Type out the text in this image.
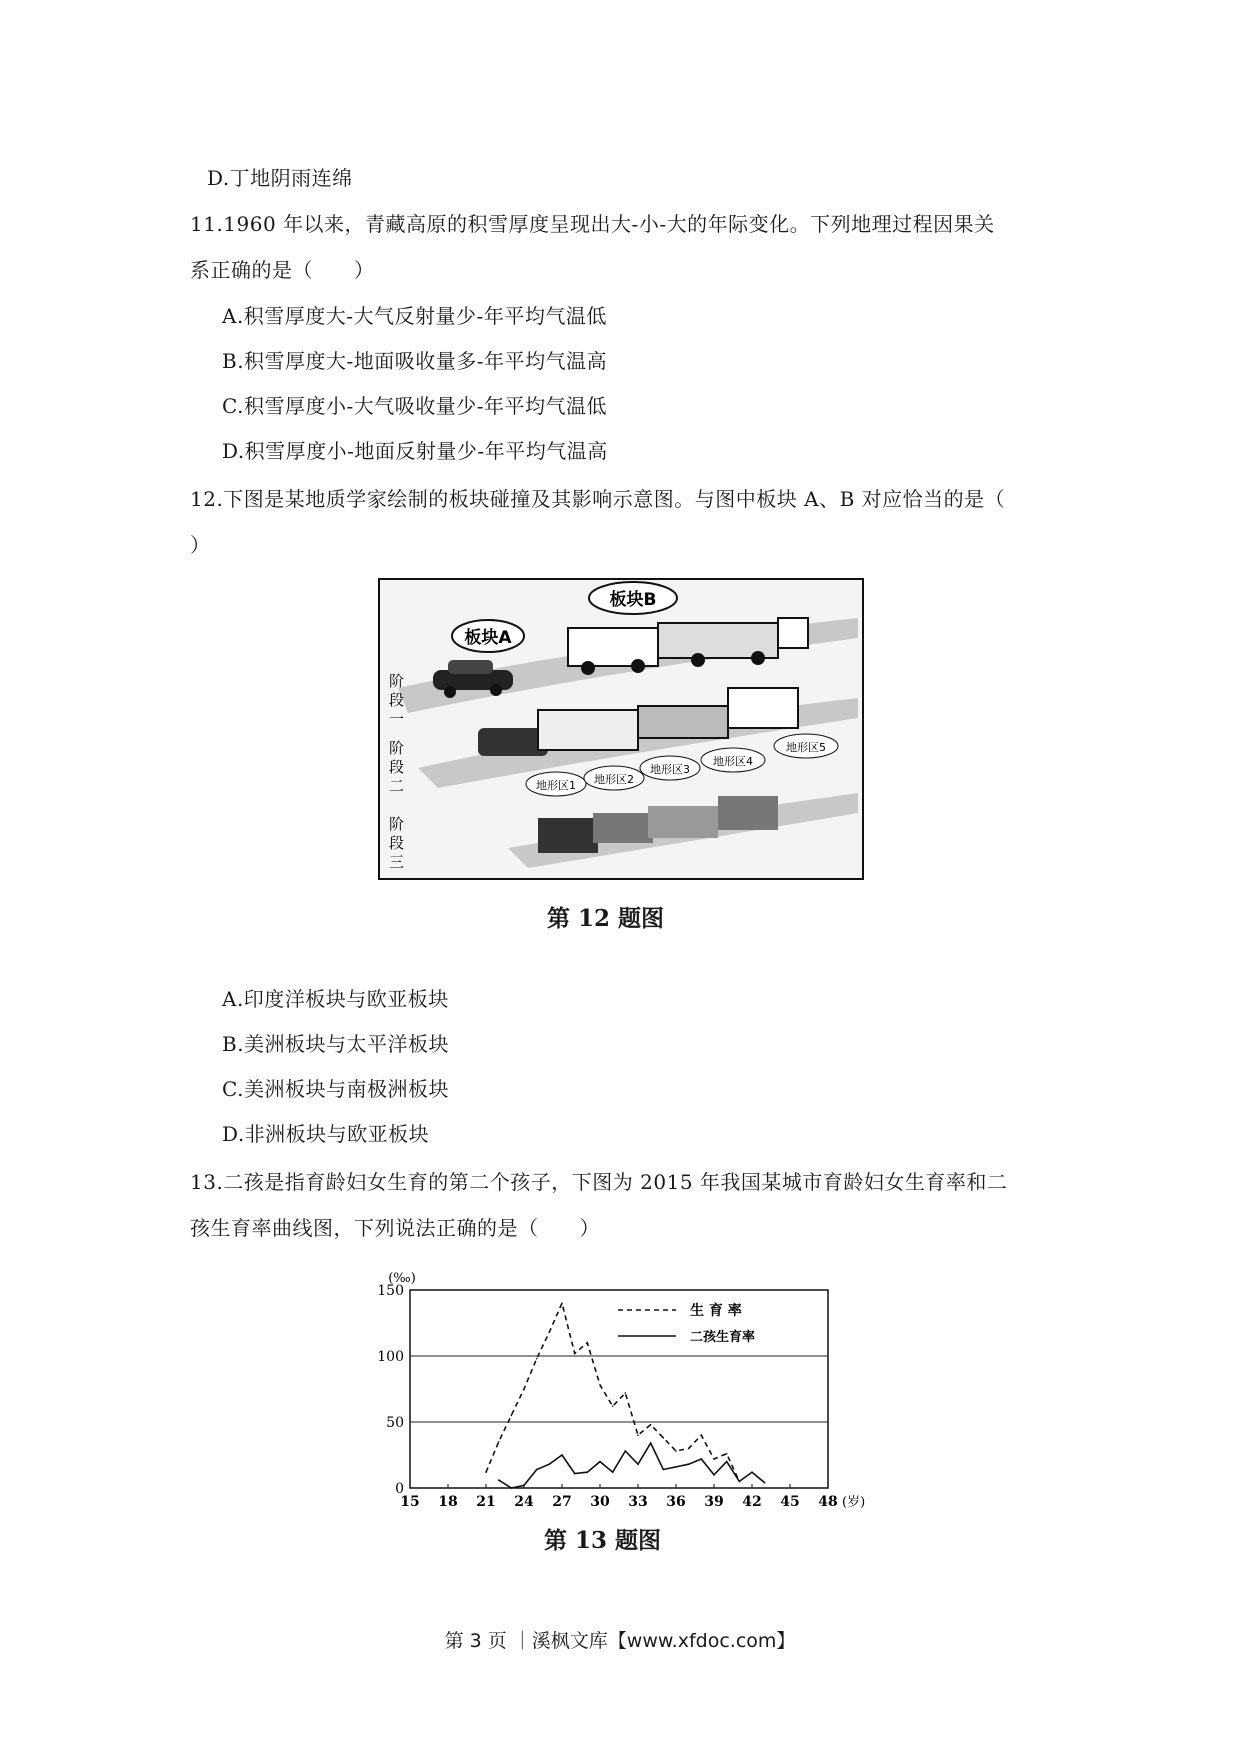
D.丁地阴雨连绵
11.1960 年以来，青藏高原的积雪厚度呈现出大-小-大的年际变化。下列地理过程因果关
系正确的是（　　）
A.积雪厚度大-大气反射量少-年平均气温低
B.积雪厚度大-地面吸收量多-年平均气温高
C.积雪厚度小-大气吸收量少-年平均气温低
D.积雪厚度小-地面反射量少-年平均气温高
12.下图是某地质学家绘制的板块碰撞及其影响示意图。与图中板块 A、B 对应恰当的是（
）
板块A
板块B
阶段一
阶段二
阶段三
地形区1 地形区2
地形区3
地形区4
地形区5
第 12 题图
A.印度洋板块与欧亚板块
B.美洲板块与太平洋板块
C.美洲板块与南极洲板块
D.非洲板块与欧亚板块
13.二孩是指育龄妇女生育的第二个孩子，下图为 2015 年我国某城市育龄妇女生育率和二
孩生育率曲线图，下列说法正确的是（　　）
0
50
100
150
15 18 21 24 27 30 33 36 39 42 45 48
(‰)
(岁)
生 育 率
二孩生育率
第 13 题图
第 3 页 ｜溪枫文库【www.xfdoc.com】
